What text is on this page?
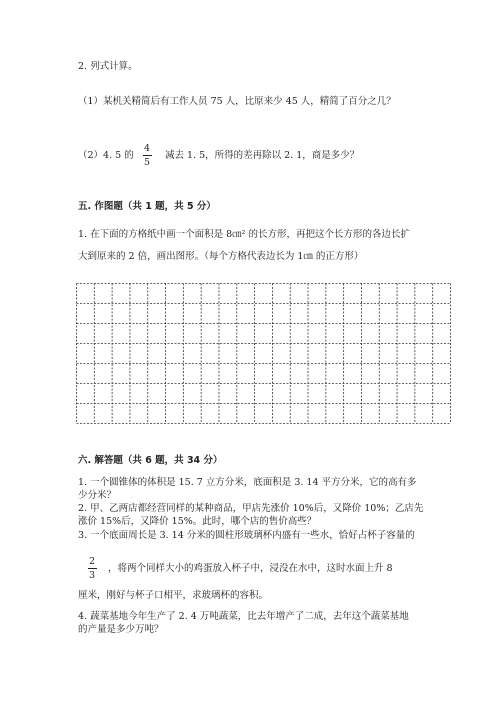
2. 列式计算。
（1）某机关精简后有工作人员 75 人，比原来少 45 人，精简了百分之几？
（2）4. 5 的
4
5
减去 1. 5，所得的差再除以 2. 1，商是多少？
五. 作图题（共 1 题，共 5 分）
1. 在下面的方格纸中画一个面积是 8㎝² 的长方形，再把这个长方形的各边长扩
大到原来的 2 倍，画出图形。（每个方格代表边长为 1㎝ 的正方形）
六. 解答题（共 6 题，共 34 分）
1. 一个圆锥体的体积是 15. 7 立方分米，底面积是 3. 14 平方分米，它的高有多
少分米？
2. 甲、乙两店都经营同样的某种商品，甲店先涨价 10%后，又降价 10%；乙店先
涨价 15%后，又降价 15%。此时，哪个店的售价高些？
3. 一个底面周长是 3. 14 分米的圆柱形玻璃杯内盛有一些水，恰好占杯子容量的
2
3
，将两个同样大小的鸡蛋放入杯子中，浸没在水中，这时水面上升 8
厘米，刚好与杯子口相平，求玻璃杯的容积。
4. 蔬菜基地今年生产了 2. 4 万吨蔬菜，比去年增产了二成，去年这个蔬菜基地
的产量是多少万吨？
